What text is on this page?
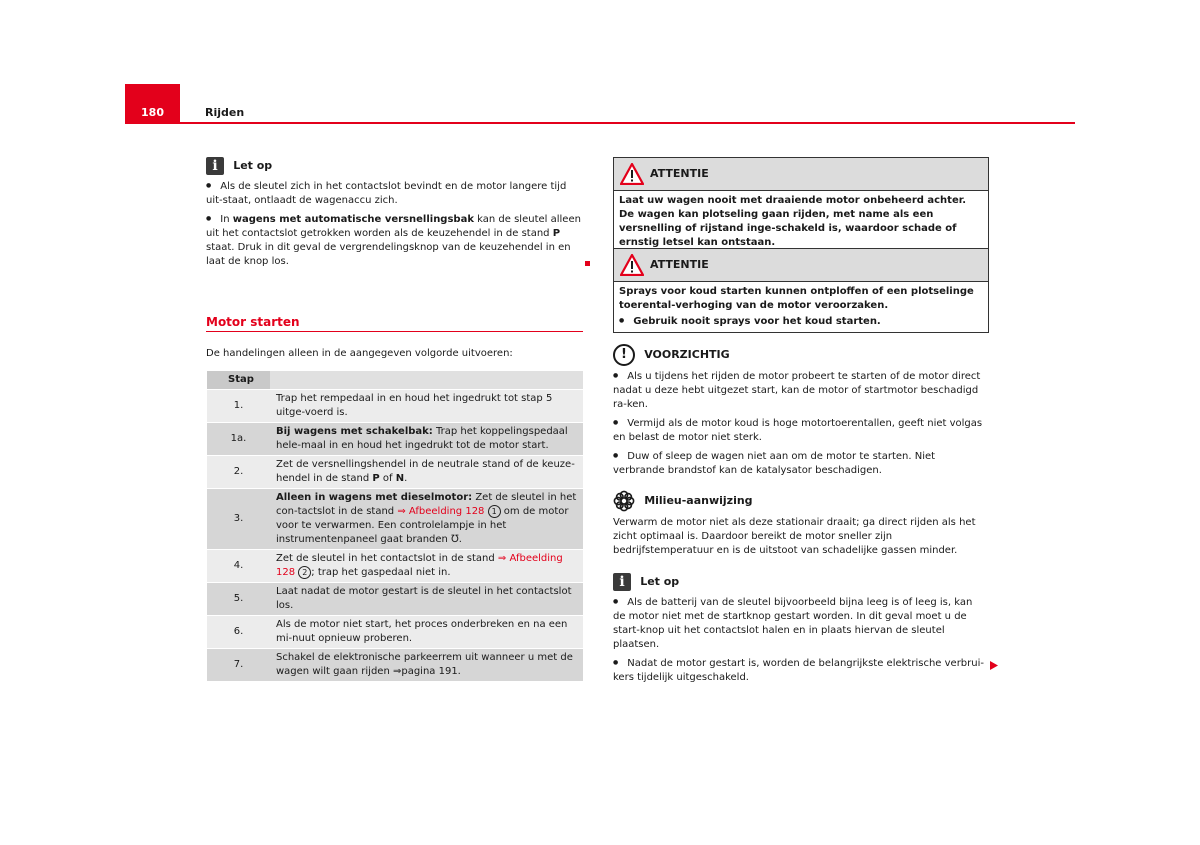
180	Rijden
i Let op

● Als de sleutel zich in het contactslot bevindt en de motor langere tijd uit-staat, ontlaadt de wagenaccu zich.

● In wagens met automatische versnellingsbak kan de sleutel alleen uit het contactslot getrokken worden als de keuzehendel in de stand P staat. Druk in dit geval de vergrendelingsknop van de keuzehendel in en laat de knop los.

Motor starten
De handelingen alleen in de aangegeven volgorde uitvoeren:
Stap	
1.	Trap het rempedaal in en houd het ingedrukt tot stap 5 uitge-voerd is.
1a.	Bij wagens met schakelbak: Trap het koppelingspedaal hele-maal in en houd het ingedrukt tot de motor start.
2.	Zet de versnellingshendel in de neutrale stand of de keuze-hendel in de stand P of N.
3.	Alleen in wagens met dieselmotor: Zet de sleutel in het con-tactslot in de stand ⇒ Afbeelding 128 1 om de motor voor te verwarmen. Een controlelampje in het instrumentenpaneel gaat branden ℧.
4.	Zet de sleutel in het contactslot in de stand ⇒ Afbeelding 128 2 ; trap het gaspedaal niet in.
5.	Laat nadat de motor gestart is de sleutel in het contactslot los.
6.	Als de motor niet start, het proces onderbreken en na een mi-nuut opnieuw proberen.
7.	Schakel de elektronische parkeerrem uit wanneer u met de wagen wilt gaan rijden ⇒pagina 191.
ATTENTIE
Laat uw wagen nooit met draaiende motor onbeheerd achter. De wagen kan plotseling gaan rijden, met name als een versnelling of rijstand inge-schakeld is, waardoor schade of ernstig letsel kan ontstaan.
ATTENTIE
Sprays voor koud starten kunnen ontploffen of een plotselinge toerental-verhoging van de motor veroorzaken.
● Gebruik nooit sprays voor het koud starten.
! VOORZICHTIG

● Als u tijdens het rijden de motor probeert te starten of de motor direct nadat u deze hebt uitgezet start, kan de motor of startmotor beschadigd ra-ken.

● Vermijd als de motor koud is hoge motortoerentallen, geeft niet volgas en belast de motor niet sterk.

● Duw of sleep de wagen niet aan om de motor te starten. Niet verbrande brandstof kan de katalysator beschadigen.

Milieu-aanwijzing

Verwarm de motor niet als deze stationair draait; ga direct rijden als het zicht optimaal is. Daardoor bereikt de motor sneller zijn bedrijfstemperatuur en is de uitstoot van schadelijke gassen minder.

i Let op

● Als de batterij van de sleutel bijvoorbeeld bijna leeg is of leeg is, kan de motor niet met de startknop gestart worden. In dit geval moet u de start-knop uit het contactslot halen en in plaats hiervan de sleutel plaatsen.

● Nadat de motor gestart is, worden de belangrijkste elektrische verbrui-kers tijdelijk uitgeschakeld.
